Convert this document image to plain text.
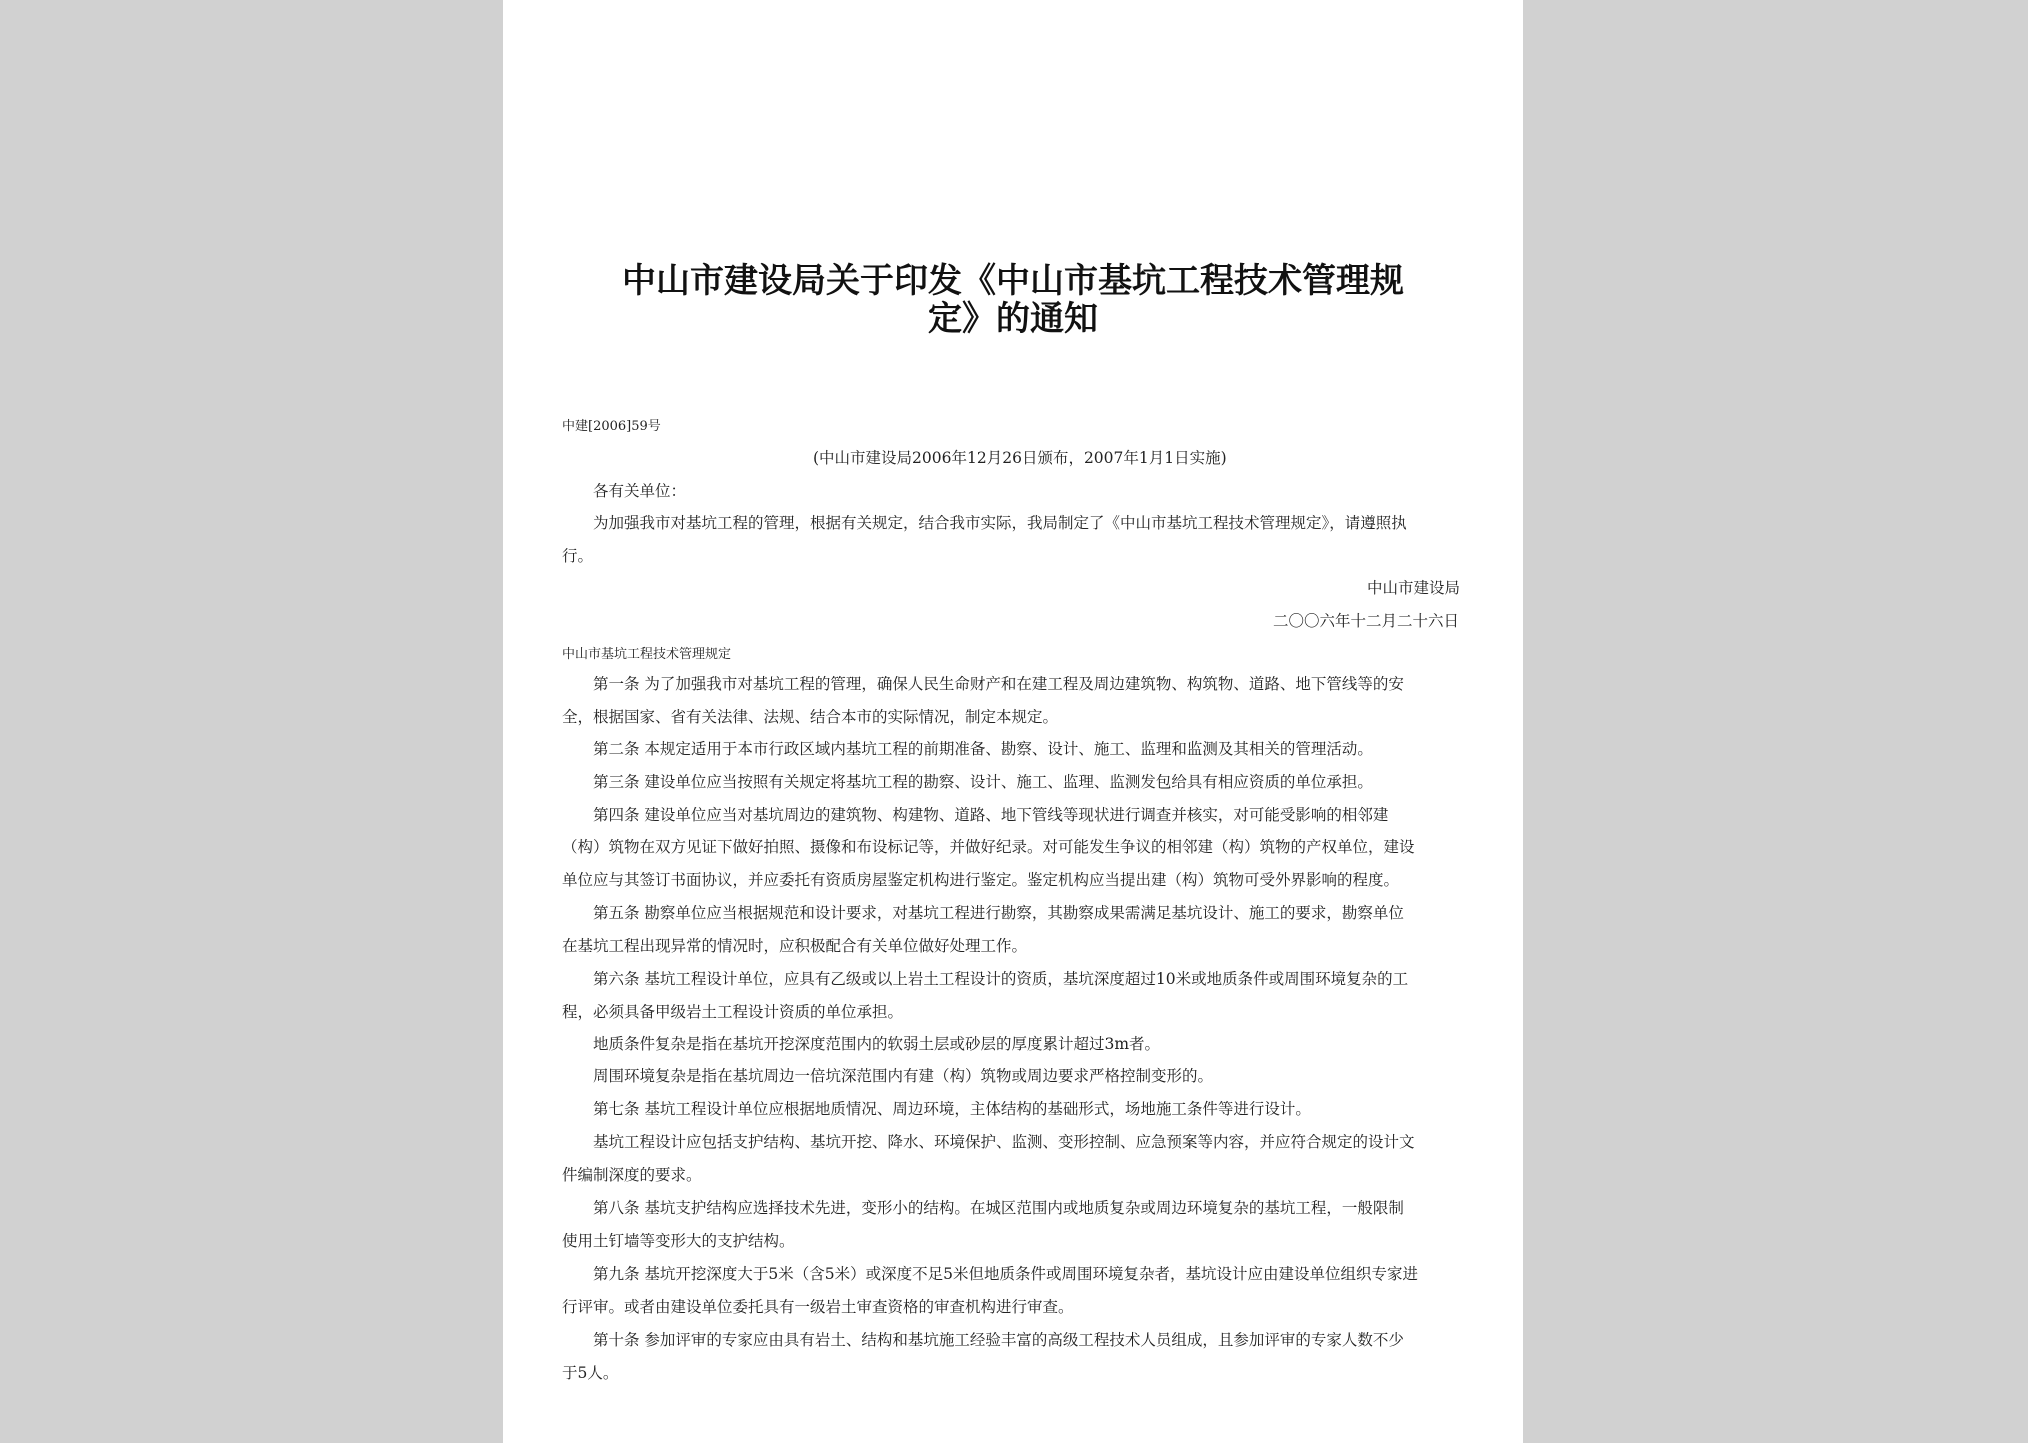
中山市建设局关于印发《中山市基坑工程技术管理规定》的通知
中建[2006]59号
(中山市建设局2006年12月26日颁布，2007年1月1日实施)
各有关单位：
为加强我市对基坑工程的管理，根据有关规定，结合我市实际，我局制定了《中山市基坑工程技术管理规定》，请遵照执
行。
中山市建设局
二〇〇六年十二月二十六日
中山市基坑工程技术管理规定
第一条 为了加强我市对基坑工程的管理，确保人民生命财产和在建工程及周边建筑物、构筑物、道路、地下管线等的安
全，根据国家、省有关法律、法规、结合本市的实际情况，制定本规定。
第二条 本规定适用于本市行政区域内基坑工程的前期准备、勘察、设计、施工、监理和监测及其相关的管理活动。
第三条 建设单位应当按照有关规定将基坑工程的勘察、设计、施工、监理、监测发包给具有相应资质的单位承担。
第四条 建设单位应当对基坑周边的建筑物、构建物、道路、地下管线等现状进行调查并核实，对可能受影响的相邻建
（构）筑物在双方见证下做好拍照、摄像和布设标记等，并做好纪录。对可能发生争议的相邻建（构）筑物的产权单位，建设
单位应与其签订书面协议，并应委托有资质房屋鉴定机构进行鉴定。鉴定机构应当提出建（构）筑物可受外界影响的程度。
第五条 勘察单位应当根据规范和设计要求，对基坑工程进行勘察，其勘察成果需满足基坑设计、施工的要求，勘察单位
在基坑工程出现异常的情况时，应积极配合有关单位做好处理工作。
第六条 基坑工程设计单位，应具有乙级或以上岩土工程设计的资质，基坑深度超过10米或地质条件或周围环境复杂的工
程，必须具备甲级岩土工程设计资质的单位承担。
地质条件复杂是指在基坑开挖深度范围内的软弱土层或砂层的厚度累计超过3m者。
周围环境复杂是指在基坑周边一倍坑深范围内有建（构）筑物或周边要求严格控制变形的。
第七条 基坑工程设计单位应根据地质情况、周边环境，主体结构的基础形式，场地施工条件等进行设计。
基坑工程设计应包括支护结构、基坑开挖、降水、环境保护、监测、变形控制、应急预案等内容，并应符合规定的设计文
件编制深度的要求。
第八条 基坑支护结构应选择技术先进，变形小的结构。在城区范围内或地质复杂或周边环境复杂的基坑工程，一般限制
使用土钉墙等变形大的支护结构。
第九条 基坑开挖深度大于5米（含5米）或深度不足5米但地质条件或周围环境复杂者，基坑设计应由建设单位组织专家进
行评审。或者由建设单位委托具有一级岩土审查资格的审查机构进行审查。
第十条 参加评审的专家应由具有岩土、结构和基坑施工经验丰富的高级工程技术人员组成，且参加评审的专家人数不少
于5人。
